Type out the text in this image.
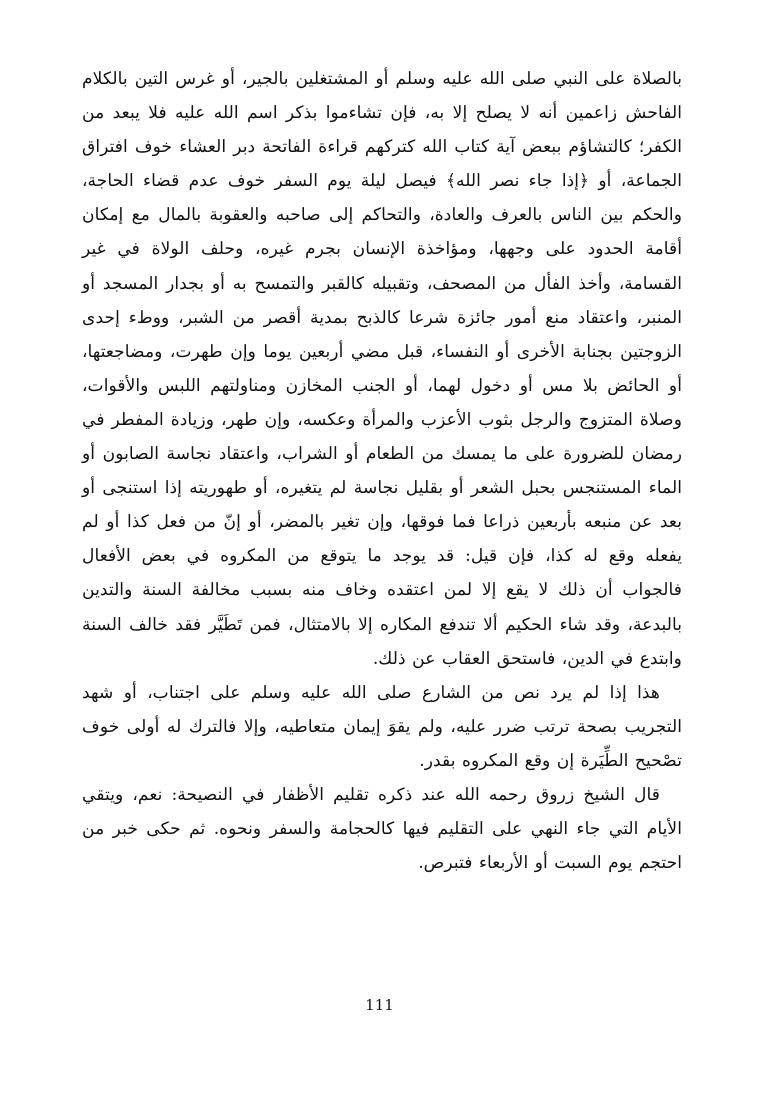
بالصلاة على النبي صلى الله عليه وسلم أو المشتغلين بالجير، أو غرس التين بالكلام الفاحش زاعمين أنه لا يصلح إلا به، فإن تشاءموا بذكر اسم الله عليه فلا يبعد من الكفر؛ كالتشاؤم ببعض آية كتاب الله كتركهم قراءة الفاتحة دبر العشاء خوف افتراق الجماعة، أو ﴿إذا جاء نصر الله﴾ فيصل ليلة يوم السفر خوف عدم قضاء الحاجة، والحكم بين الناس بالعرف والعادة، والتحاكم إلى صاحبه والعقوبة بالمال مع إمكان أقامة الحدود على وجهها، ومؤاخذة الإنسان بجرم غيره، وحلف الولاة في غير القسامة، وأخذ الفأل من المصحف، وتقبيله كالقبر والتمسح به أو بجدار المسجد أو المنبر، واعتقاد منع أمور جائزة شرعا كالذبح بمدية أقصر من الشبر، ووطء إحدى الزوجتين بجنابة الأخرى أو النفساء، قبل مضي أربعين يوما وإن طهرت، ومضاجعتها، أو الحائض بلا مس أو دخول لهما، أو الجنب المخازن ومناولتهم اللبس والأقوات، وصلاة المتزوج والرجل بثوب الأعزب والمرأة وعكسه، وإن طهر، وزيادة المفطر في رمضان للضرورة على ما يمسك من الطعام أو الشراب، واعتقاد نجاسة الصابون أو الماء المستنجس بحبل الشعر أو بقليل نجاسة لم يتغيره، أو طهوريته إذا استنجى أو بعد عن منبعه بأربعين ذراعا فما فوقها، وإن تغير بالمضر، أو إنّ من فعل كذا أو لم يفعله وقع له كذا، فإن قيل: قد يوجد ما يتوقع من المكروه في بعض الأفعال فالجواب أن ذلك لا يقع إلا لمن اعتقده وخاف منه بسبب مخالفة السنة والتدين بالبدعة، وقد شاء الحكيم ألا تندفع المكاره إلا بالامتثال، فمن تَطَيَّر فقد خالف السنة وابتدع في الدين، فاستحق العقاب عن ذلك.

هذا إذا لم يرد نص من الشارع صلى الله عليه وسلم على اجتناب، أو شهد التجريب بصحة ترتب ضرر عليه، ولم يقوَ إيمان متعاطيه، وإلا فالترك له أولى خوف تصْحيح الطِّيَرة إن وقع المكروه بقدر.

قال الشيخ زروق رحمه الله عند ذكره تقليم الأظفار في النصيحة: نعم، ويتقي الأيام التي جاء النهي على التقليم فيها كالحجامة والسفر ونحوه. ثم حكى خبر من احتجم يوم السبت أو الأربعاء فتبرص.

111
